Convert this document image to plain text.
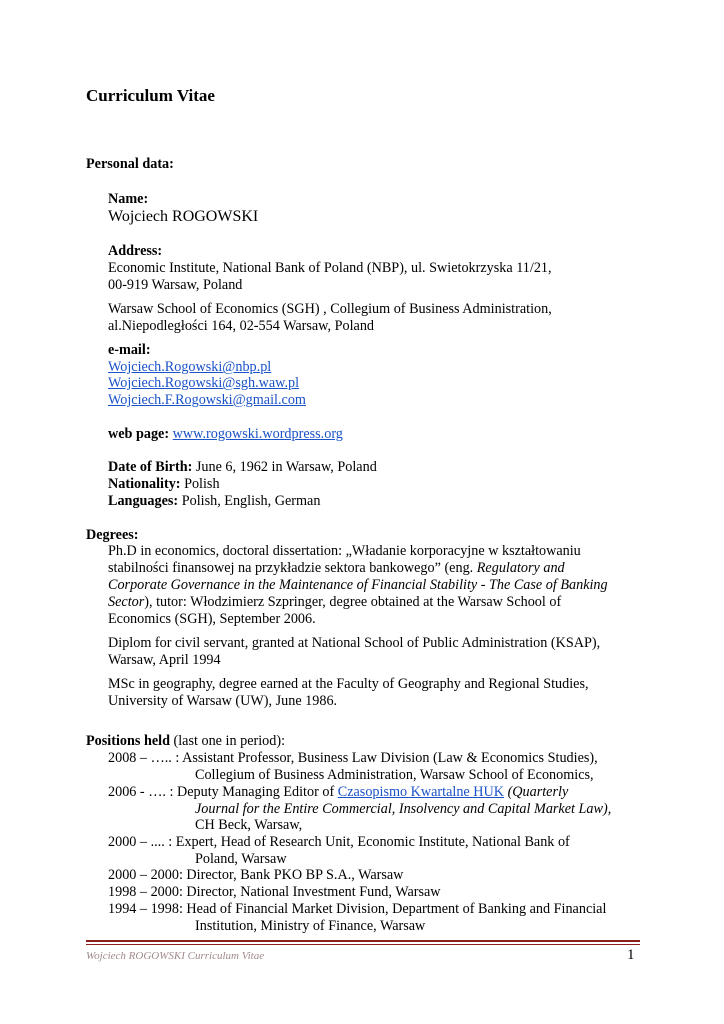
Curriculum Vitae
Personal data:
Name:
Wojciech ROGOWSKI
Address:
Economic Institute, National Bank of Poland (NBP), ul. Swietokrzyska 11/21,
00-919 Warsaw, Poland
Warsaw School of Economics (SGH) , Collegium of Business Administration,
al.Niepodległości 164, 02-554 Warsaw, Poland
e-mail:
Wojciech.Rogowski@nbp.pl
Wojciech.Rogowski@sgh.waw.pl
Wojciech.F.Rogowski@gmail.com
web page: www.rogowski.wordpress.org
Date of Birth: June 6, 1962 in Warsaw, Poland
Nationality: Polish
Languages: Polish, English, German
Degrees:
Ph.D in economics, doctoral dissertation: „Władanie korporacyjne w kształtowaniu
stabilności finansowej na przykładzie sektora bankowego” (eng. Regulatory and
Corporate Governance in the Maintenance of Financial Stability - The Case of Banking
Sector), tutor: Włodzimierz Szpringer, degree obtained at the Warsaw School of
Economics (SGH), September 2006.
Diplom for civil servant, granted at National School of Public Administration (KSAP),
Warsaw, April 1994
MSc in geography, degree earned at the Faculty of Geography and Regional Studies,
University of Warsaw (UW), June 1986.
Positions held (last one in period):
2008 – ….. : Assistant Professor, Business Law Division (Law & Economics Studies),
Collegium of Business Administration, Warsaw School of Economics,
2006 - …. : Deputy Managing Editor of Czasopismo Kwartalne HUK (Quarterly
Journal for the Entire Commercial, Insolvency and Capital Market Law),
CH Beck, Warsaw,
2000 – .... : Expert, Head of Research Unit, Economic Institute, National Bank of
Poland, Warsaw
2000 – 2000: Director, Bank PKO BP S.A., Warsaw
1998 – 2000: Director, National Investment Fund, Warsaw
1994 – 1998: Head of Financial Market Division, Department of Banking and Financial
Institution, Ministry of Finance, Warsaw
Wojciech ROGOWSKI Curriculum Vitae	1
